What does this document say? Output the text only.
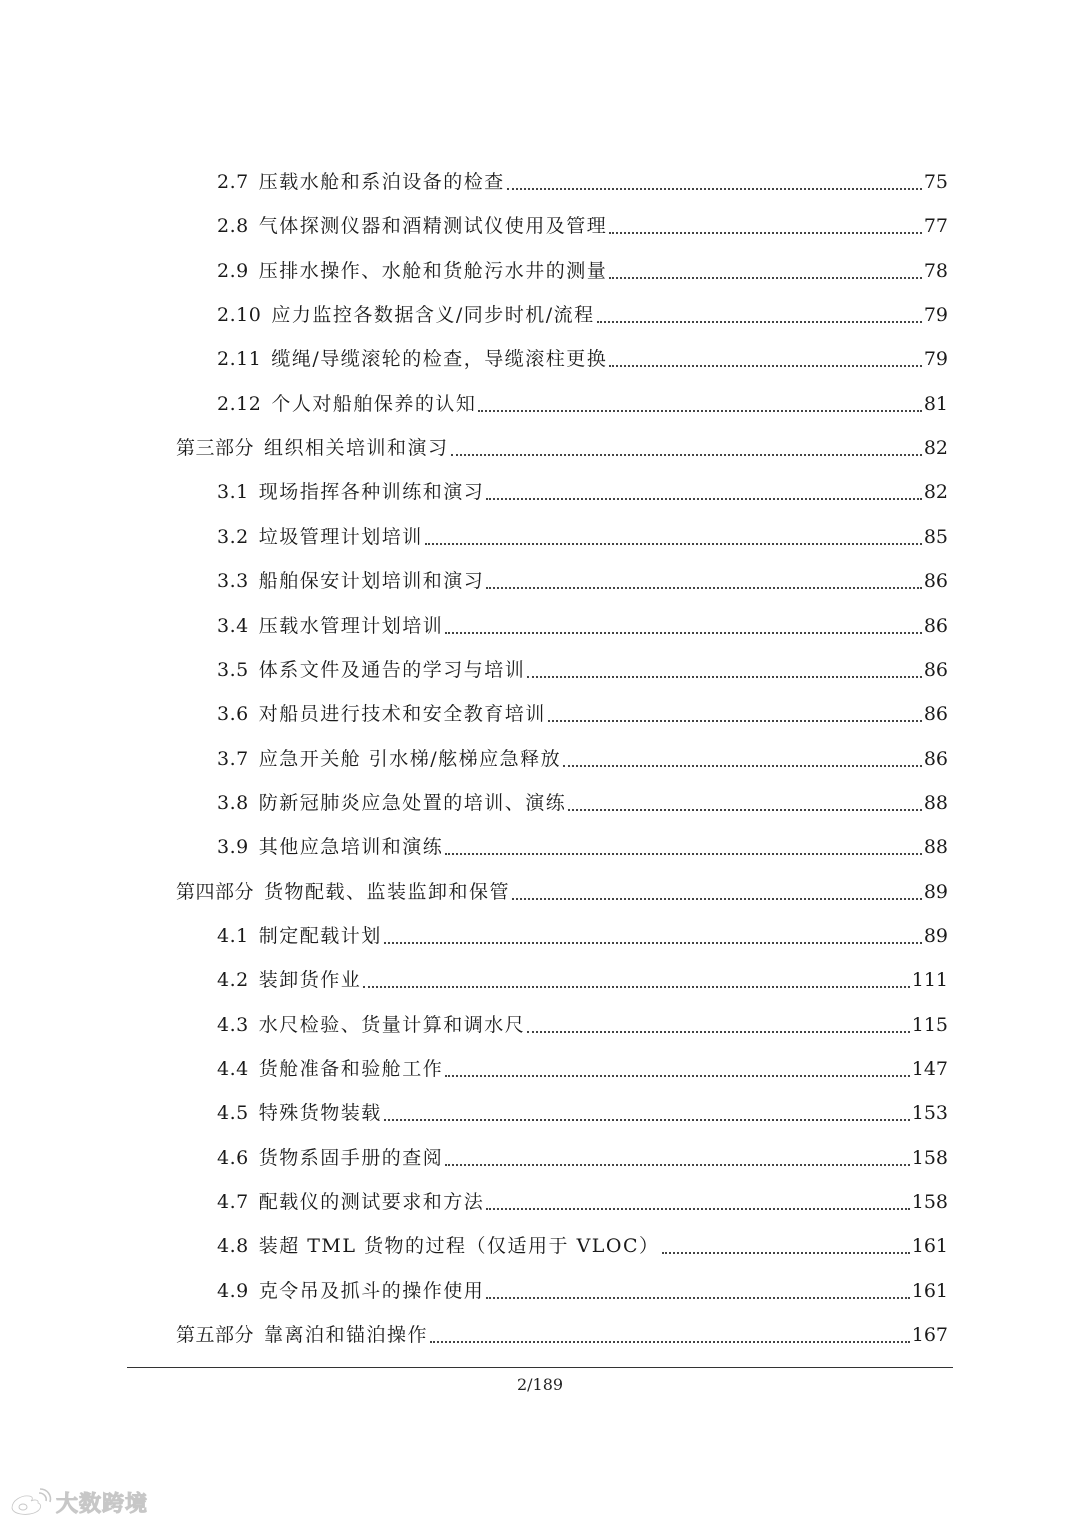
2.7 压载水舱和系泊设备的检查	75
2.8 气体探测仪器和酒精测试仪使用及管理	77
2.9 压排水操作、水舱和货舱污水井的测量	78
2.10 应力监控各数据含义/同步时机/流程	79
2.11 缆绳/导缆滚轮的检查，导缆滚柱更换	79
2.12 个人对船舶保养的认知	81
第三部分 组织相关培训和演习	82
3.1 现场指挥各种训练和演习	82
3.2 垃圾管理计划培训	85
3.3 船舶保安计划培训和演习	86
3.4 压载水管理计划培训	86
3.5 体系文件及通告的学习与培训	86
3.6 对船员进行技术和安全教育培训	86
3.7 应急开关舱 引水梯/舷梯应急释放	86
3.8 防新冠肺炎应急处置的培训、演练	88
3.9 其他应急培训和演练	88
第四部分 货物配载、监装监卸和保管	89
4.1 制定配载计划	89
4.2 装卸货作业	111
4.3 水尺检验、货量计算和调水尺	115
4.4 货舱准备和验舱工作	147
4.5 特殊货物装载	153
4.6 货物系固手册的查阅	158
4.7 配载仪的测试要求和方法	158
4.8 装超 TML 货物的过程（仅适用于 VLOC）	161
4.9 克令吊及抓斗的操作使用	161
第五部分 靠离泊和锚泊操作	167
2/189
大数跨境
